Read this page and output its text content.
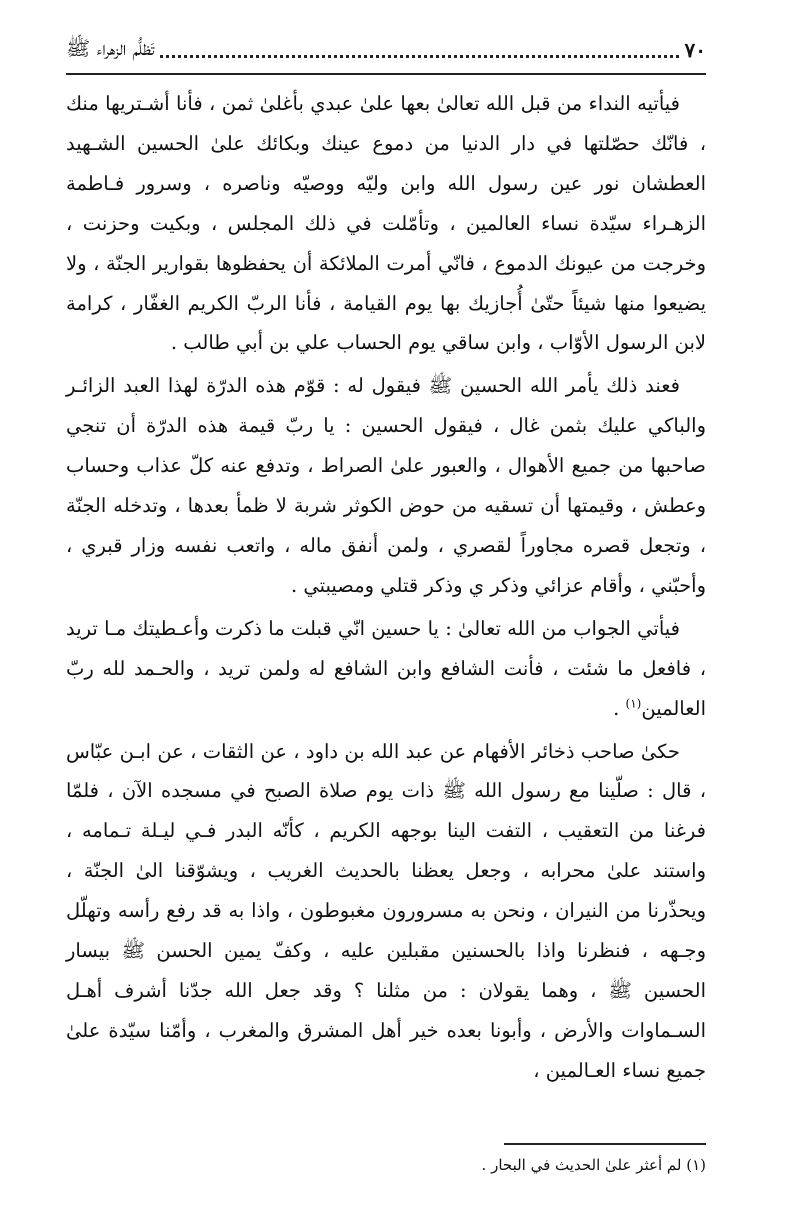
٧٠
تَظلُّم الزهراء ﷺ

فيأتيه النداء من قبل الله تعالىٰ بعها علىٰ عبدي بأغلىٰ ثمن ، فأنا أشـتريها منك ، فانّك حصّلتها في دار الدنيا من دموع عينك وبكائك علىٰ الحسين الشـهيد العطشان نور عين رسول الله وابن وليّه ووصيّه وناصره ، وسرور فـاطمة الزهـراء سيّدة نساء العالمين ، وتأمّلت في ذلك المجلس ، وبكيت وحزنت ، وخرجت من عيونك الدموع ، فانّي أمرت الملائكة أن يحفظوها بقوارير الجنّة ، ولا يضيعوا منها شيئاً حتّىٰ أُجازيك بها يوم القيامة ، فأنا الربّ الكريم الغفّار ، كرامة لابن الرسول الأوّاب ، وابن ساقي يوم الحساب علي بن أبي طالب .

فعند ذلك يأمر الله الحسين ﷺ فيقول له : قوّم هذه الدرّة لهذا العبد الزائـر والباكي عليك بثمن غال ، فيقول الحسين : يا ربّ قيمة هذه الدرّة أن تنجي صاحبها من جميع الأهوال ، والعبور علىٰ الصراط ، وتدفع عنه كلّ عذاب وحساب وعطش ، وقيمتها أن تسقيه من حوض الكوثر شربة لا ظمأ بعدها ، وتدخله الجنّة ، وتجعل قصره مجاوراً لقصري ، ولمن أنفق ماله ، واتعب نفسه وزار قبري ، وأحبّني ، وأقام عزائي وذكر ي وذكر قتلي ومصيبتي .

فيأتي الجواب من الله تعالىٰ : يا حسين انّي قبلت ما ذكرت وأعـطيتك مـا تريد ، فافعل ما شئت ، فأنت الشافع وابن الشافع له ولمن تريد ، والحـمد لله ربّ العالمين$^{(١)}$ .

حكىٰ صاحب ذخائر الأفهام عن عبد الله بن داود ، عن الثقات ، عن ابـن عبّاس ، قال : صلّينا مع رسول الله ﷺ ذات يوم صلاة الصبح في مسجده الآن ، فلمّا فرغنا من التعقيب ، التفت الينا بوجهه الكريم ، كأنّه البدر فـي ليـلة تـمامه ، واستند علىٰ محرابه ، وجعل يعظنا بالحديث الغريب ، ويشوّقنا الىٰ الجنّة ، ويحذّرنا من النيران ، ونحن به مسرورون مغبوطون ، واذا به قد رفع رأسه وتهلّل وجـهه ، فنظرنا واذا بالحسنين مقبلين عليه ، وكفّ يمين الحسن ﷺ بيسار الحسين ﷺ ، وهما يقولان : من مثلنا ؟ وقد جعل الله جدّنا أشرف أهـل السـماوات والأرض ، وأبونا بعده خير أهل المشرق والمغرب ، وأمّنا سيّدة علىٰ جميع نساء العـالمين ،

(١) لم أعثر علىٰ الحديث في البحار .
